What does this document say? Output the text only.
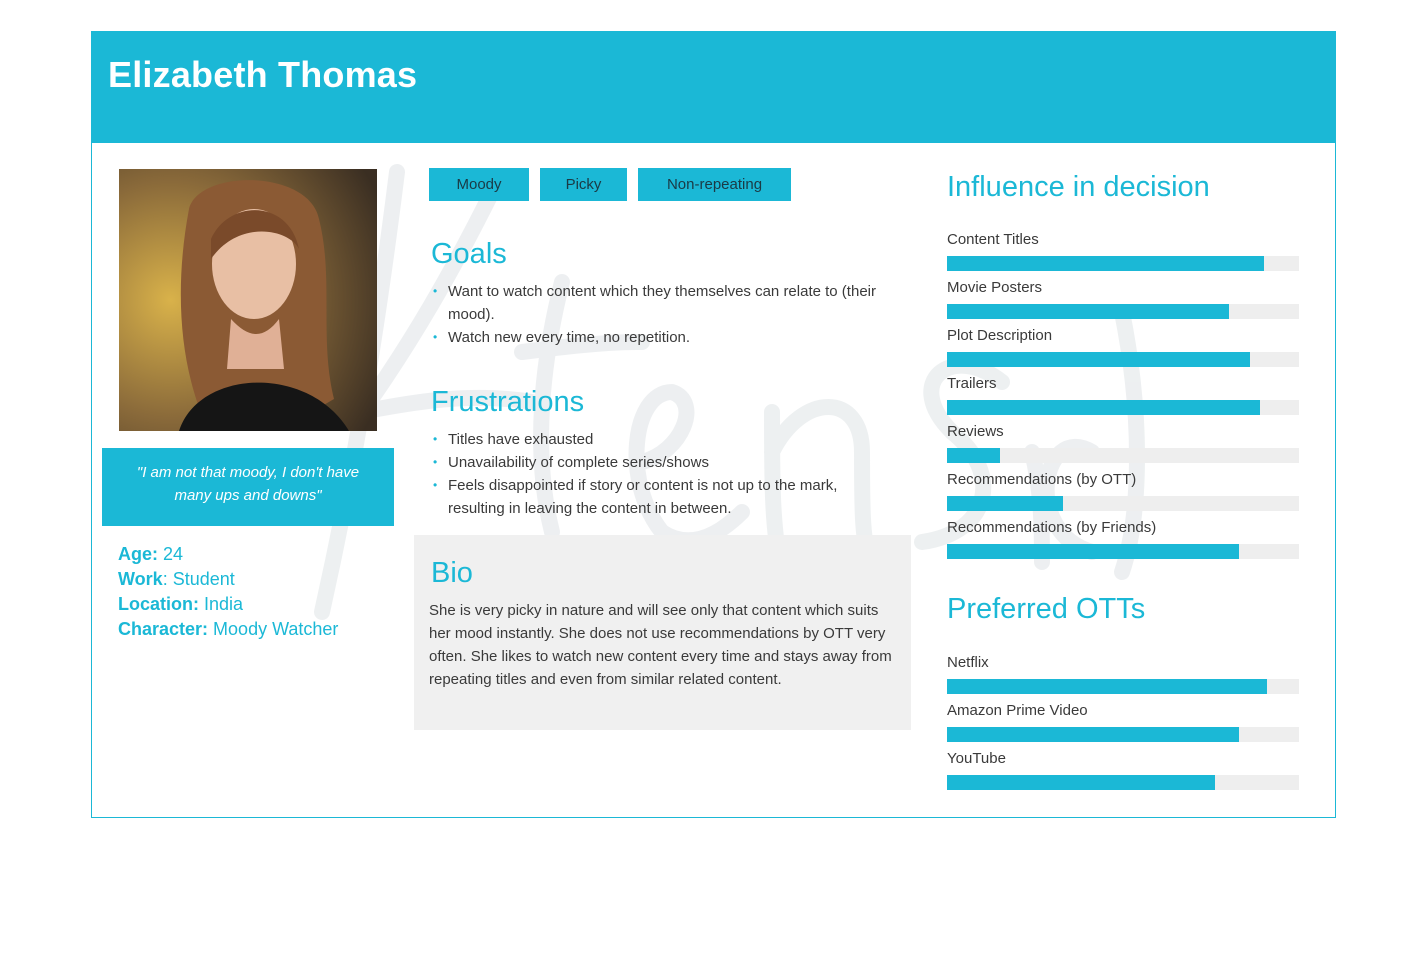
Elizabeth Thomas
"I am not that moody, I don't have many ups and downs"
Age: 24
Work: Student
Location: India
Character: Moody Watcher
Moody	Picky	Non-repeating
Goals
• Want to watch content which they themselves can relate to (their mood).
• Watch new every time, no repetition.
Frustrations
• Titles have exhausted
• Unavailability of complete series/shows
• Feels disappointed if story or content is not up to the mark, resulting in leaving the content in between.
Bio
She is very picky in nature and will see only that content which suits her mood instantly. She does not use recommendations by OTT very often. She likes to watch new content every time and stays away from repeating titles and even from similar related content.
Influence in decision
Content Titles
Movie Posters
Plot Description
Trailers
Reviews
Recommendations (by OTT)
Recommendations (by Friends)
Preferred OTTs
Netflix
Amazon Prime Video
YouTube
